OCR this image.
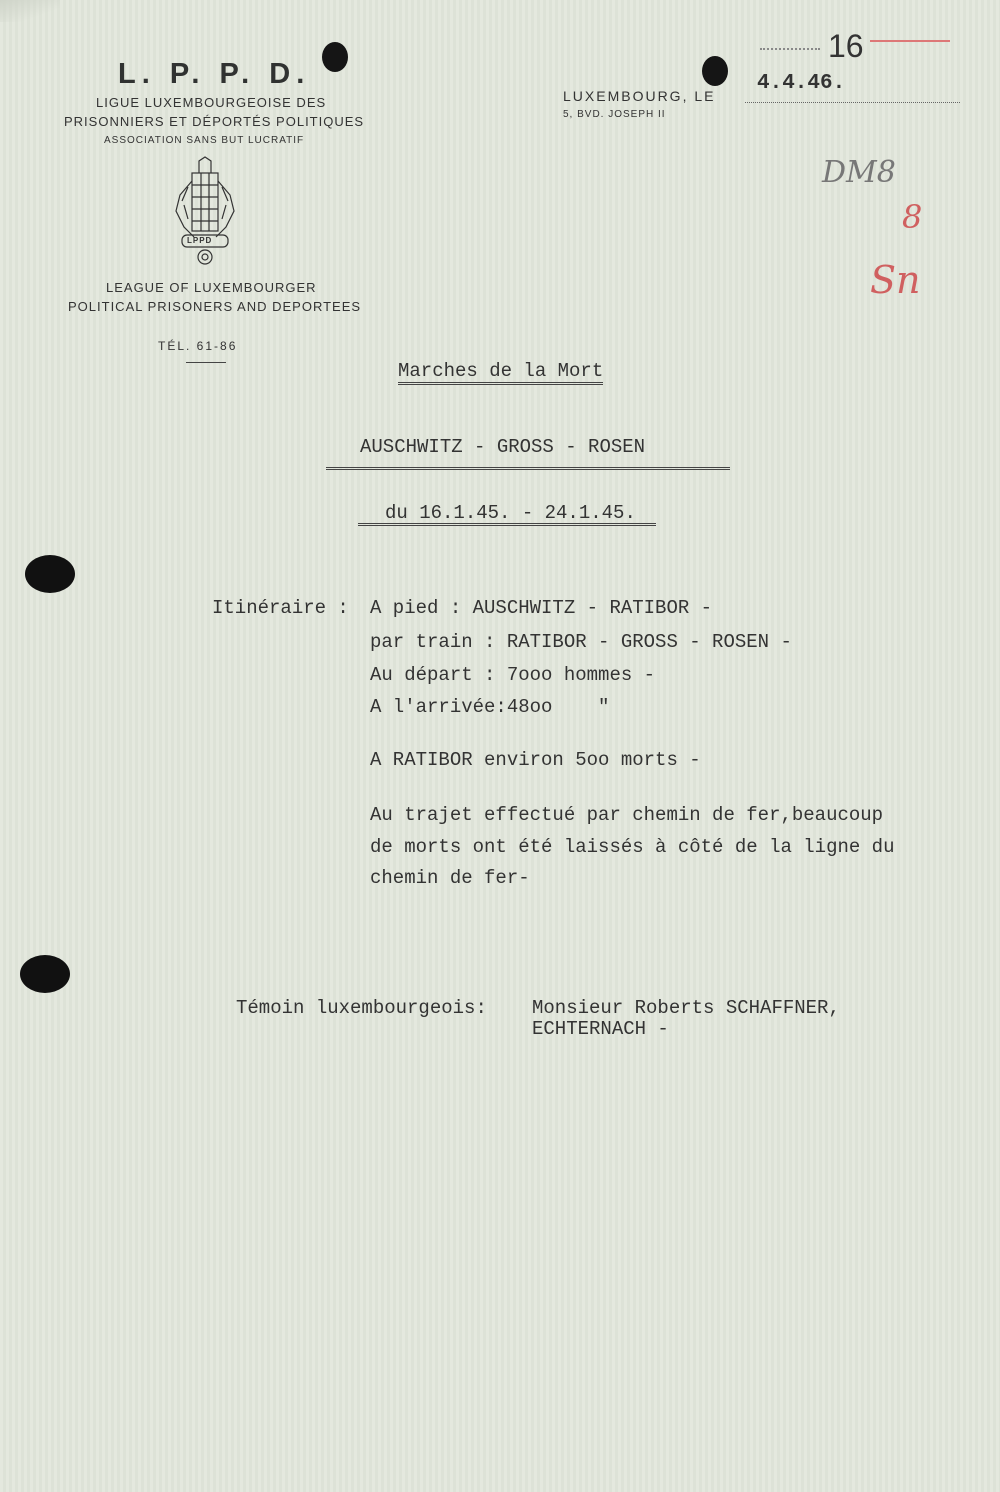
L. P. P. D.
LIGUE LUXEMBOURGEOISE DES
PRISONNIERS ET DÉPORTÉS POLITIQUES
ASSOCIATION SANS BUT LUCRATIF
LPPD
LEAGUE OF LUXEMBOURGER
POLITICAL PRISONERS AND DEPORTEES
TÉL. 61-86
LUXEMBOURG, LE
5, BVD. JOSEPH II
4.4.46.
16
DM8
8
Sn
Marches de la Mort
AUSCHWITZ - GROSS - ROSEN
du 16.1.45. - 24.1.45.
Itinéraire : A pied : AUSCHWITZ - RATIBOR -
par train : RATIBOR - GROSS - ROSEN -
Au départ : 7ooo hommes -
A l'arrivée:48oo    "
A RATIBOR environ 5oo morts -
Au trajet effectué par chemin de fer,beaucoup
de morts ont été laissés à côté de la ligne du
chemin de fer-
Témoin luxembourgeois: Monsieur Roberts SCHAFFNER,
ECHTERNACH -
